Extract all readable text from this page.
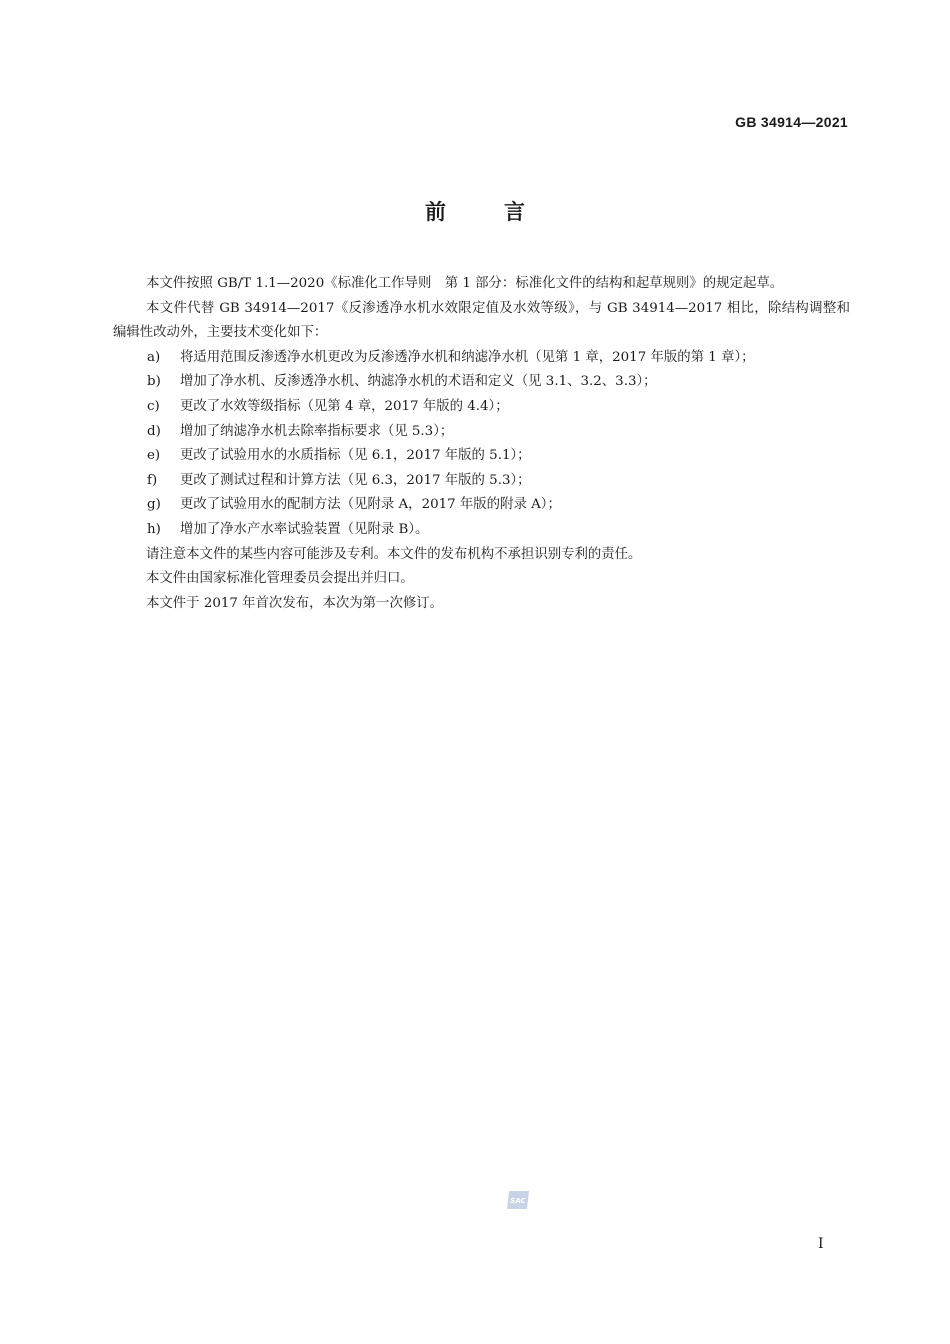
GB 34914—2021
前言

本文件按照 GB/T 1.1—2020《标准化工作导则　第 1 部分：标准化文件的结构和起草规则》的规定起草。

本文件代替 GB 34914—2017《反渗透净水机水效限定值及水效等级》，与 GB 34914—2017 相比，除结构调整和编辑性改动外，主要技术变化如下：

a) 将适用范围反渗透净水机更改为反渗透净水机和纳滤净水机（见第 1 章，2017 年版的第 1 章）；
b) 增加了净水机、反渗透净水机、纳滤净水机的术语和定义（见 3.1、3.2、3.3）；
c) 更改了水效等级指标（见第 4 章，2017 年版的 4.4）；
d) 增加了纳滤净水机去除率指标要求（见 5.3）；
e) 更改了试验用水的水质指标（见 6.1，2017 年版的 5.1）；
f) 更改了测试过程和计算方法（见 6.3，2017 年版的 5.3）；
g) 更改了试验用水的配制方法（见附录 A，2017 年版的附录 A）；
h) 增加了净水产水率试验装置（见附录 B）。

请注意本文件的某些内容可能涉及专利。本文件的发布机构不承担识别专利的责任。

本文件由国家标准化管理委员会提出并归口。

本文件于 2017 年首次发布，本次为第一次修订。

SAC
I
